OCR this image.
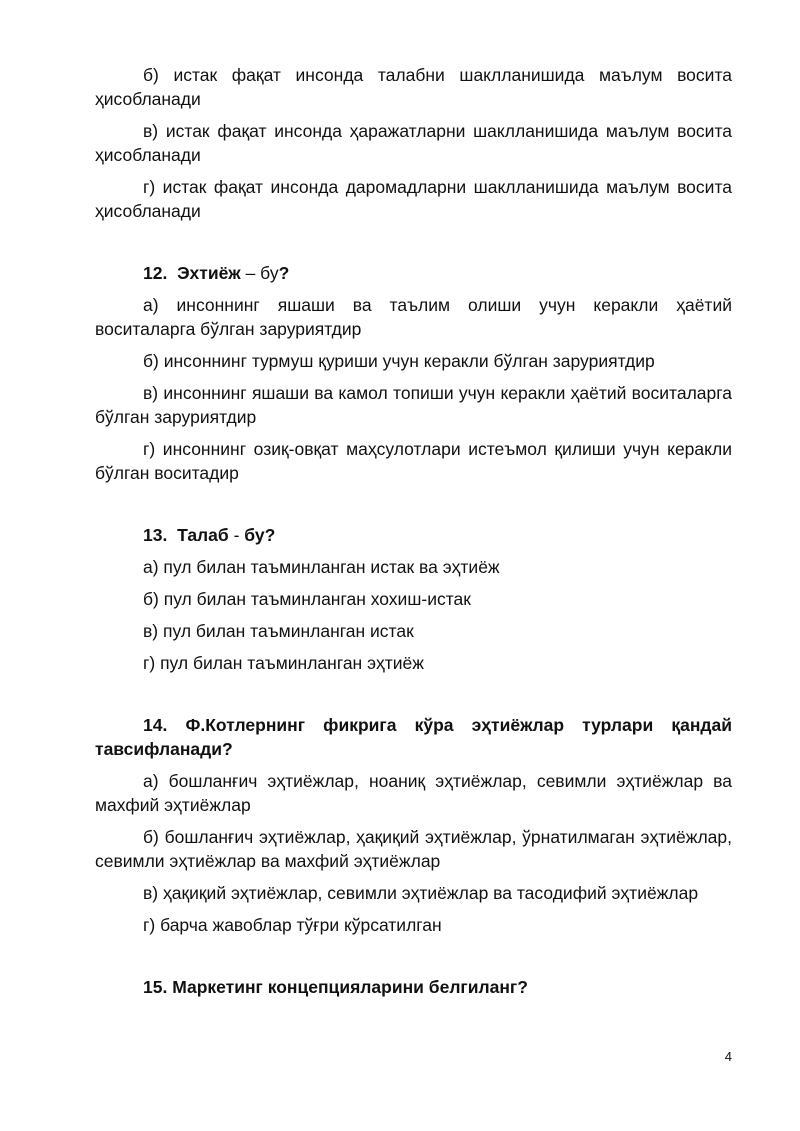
б) истак фақат инсонда талабни шаклланишида маълум восита ҳисобланади

в) истак фақат инсонда ҳаражатларни шаклланишида маълум восита ҳисобланади

г) истак фақат инсонда даромадларни шаклланишида маълум восита ҳисобланади

12. Эхтиёж – бу?

а) инсоннинг яшаши ва таълим олиши учун керакли ҳаётий воситаларга бўлган заруриятдир

б) инсоннинг турмуш қуриши учун керакли бўлган заруриятдир

в) инсоннинг яшаши ва камол топиши учун керакли ҳаётий воситаларга бўлган заруриятдир

г) инсоннинг озиқ-овқат маҳсулотлари истеъмол қилиши учун керакли бўлган воситадир

13. Талаб - бу?

а) пул билан таъминланган истак ва эҳтиёж

б) пул билан таъминланган хохиш-истак

в) пул билан таъминланган истак

г) пул билан таъминланган эҳтиёж

14. Ф.Котлернинг фикрига кўра эҳтиёжлар турлари қандай тавсифланади?

а) бошланғич эҳтиёжлар, ноаниқ эҳтиёжлар, севимли эҳтиёжлар ва махфий эҳтиёжлар

б) бошланғич эҳтиёжлар, ҳақиқий эҳтиёжлар, ўрнатилмаган эҳтиёжлар, севимли эҳтиёжлар ва махфий эҳтиёжлар

в) ҳақиқий эҳтиёжлар, севимли эҳтиёжлар ва тасодифий эҳтиёжлар

г) барча жавоблар тўғри кўрсатилган

15. Маркетинг концепцияларини белгиланг?

4
